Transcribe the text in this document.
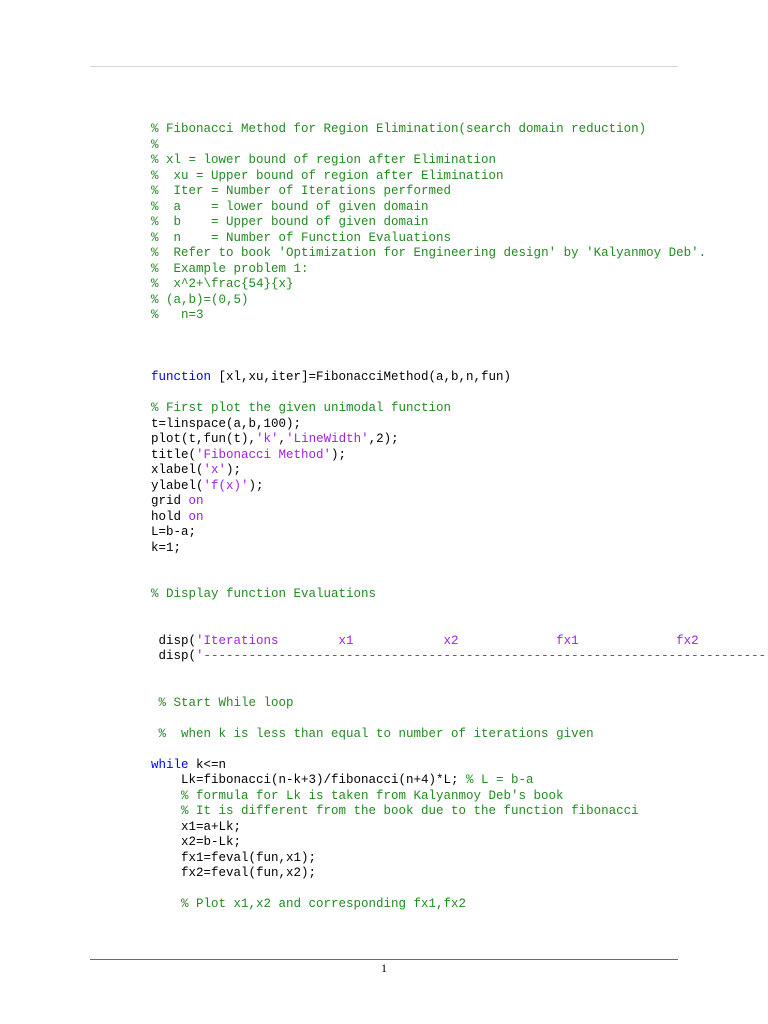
% Fibonacci Method for Region Elimination(search domain reduction)
%
% xl = lower bound of region after Elimination
%  xu = Upper bound of region after Elimination
%  Iter = Number of Iterations performed
%  a    = lower bound of given domain
%  b    = Upper bound of given domain
%  n    = Number of Function Evaluations
%  Refer to book 'Optimization for Engineering design' by 'Kalyanmoy Deb'.
%  Example problem 1:
%  x^2+\frac{54}{x}
% (a,b)=(0,5)
%   n=3
function [xl,xu,iter]=FibonacciMethod(a,b,n,fun)
% First plot the given unimodal function
t=linspace(a,b,100);
plot(t,fun(t), 'k' , 'LineWidth' ,2);
title( 'Fibonacci Method' );
xlabel( 'x' );
ylabel( 'f(x)' );
grid on
hold on
L=b-a;
k=1;
% Display function Evaluations
disp( 'Iterations        x1            x2             fx1             fx2
disp( '---------------------------------------------------------------------------
% Start While loop
%  when k is less than equal to number of iterations given
while k<=n
Lk=fibonacci(n-k+3)/fibonacci(n+4)*L; % L = b-a
% formula for Lk is taken from Kalyanmoy Deb's book
% It is different from the book due to the function fibonacci
x1=a+Lk;
x2=b-Lk;
fx1=feval(fun,x1);
fx2=feval(fun,x2);
% Plot x1,x2 and corresponding fx1,fx2
1
